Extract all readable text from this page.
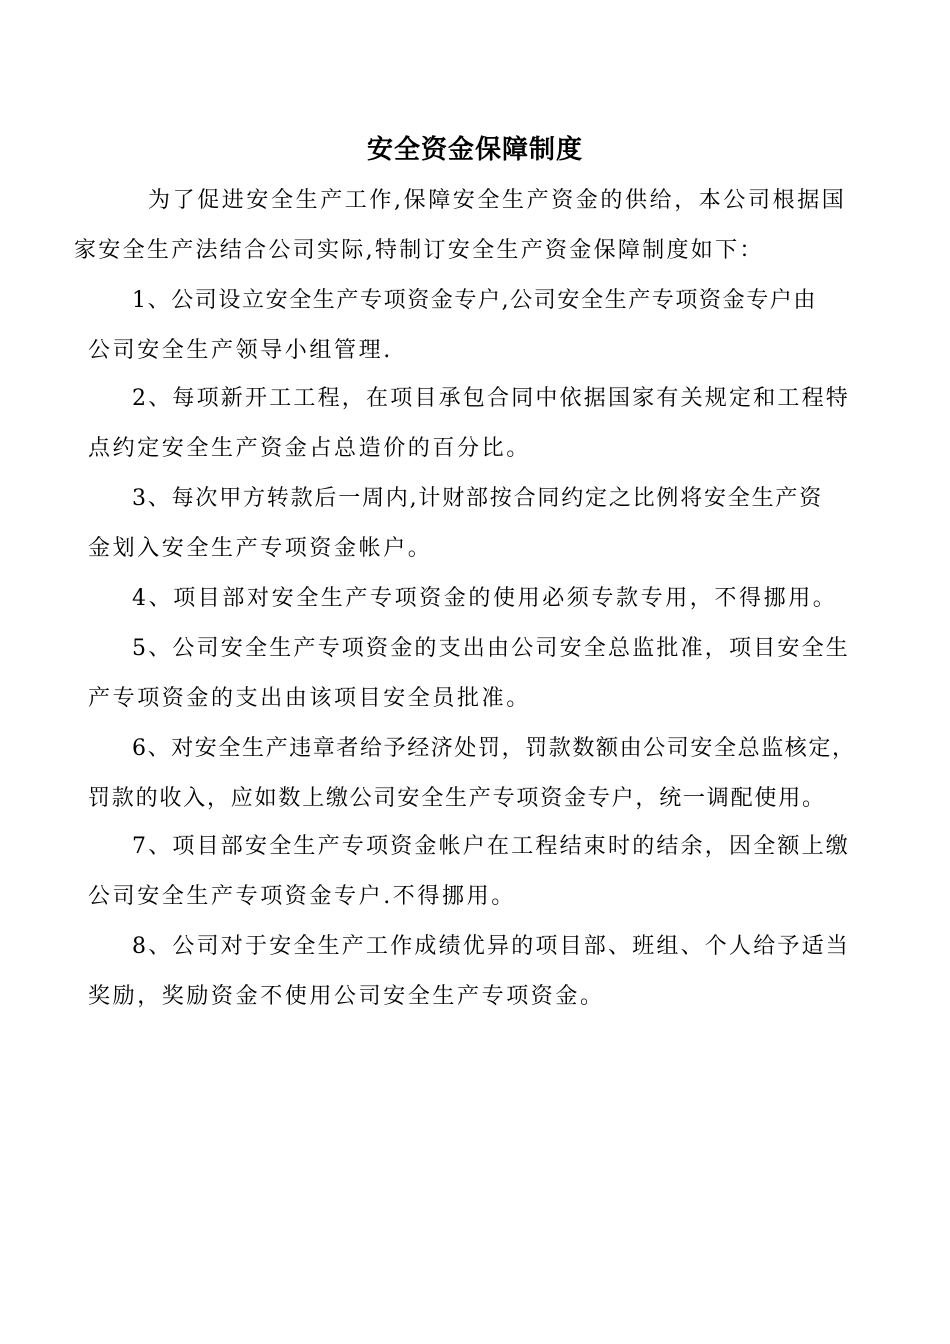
安全资金保障制度
为了促进安全生产工作,保障安全生产资金的供给，本公司根据国
家安全生产法结合公司实际,特制订安全生产资金保障制度如下：
1、公司设立安全生产专项资金专户,公司安全生产专项资金专户由
公司安全生产领导小组管理.
2、每项新开工工程，在项目承包合同中依据国家有关规定和工程特
点约定安全生产资金占总造价的百分比。
3、每次甲方转款后一周内,计财部按合同约定之比例将安全生产资
金划入安全生产专项资金帐户。
4、项目部对安全生产专项资金的使用必须专款专用，不得挪用。
5、公司安全生产专项资金的支出由公司安全总监批准，项目安全生
产专项资金的支出由该项目安全员批准。
6、对安全生产违章者给予经济处罚，罚款数额由公司安全总监核定，
罚款的收入，应如数上缴公司安全生产专项资金专户，统一调配使用。
7、项目部安全生产专项资金帐户在工程结束时的结余，因全额上缴
公司安全生产专项资金专户.不得挪用。
8、公司对于安全生产工作成绩优异的项目部、班组、个人给予适当
奖励，奖励资金不使用公司安全生产专项资金。
